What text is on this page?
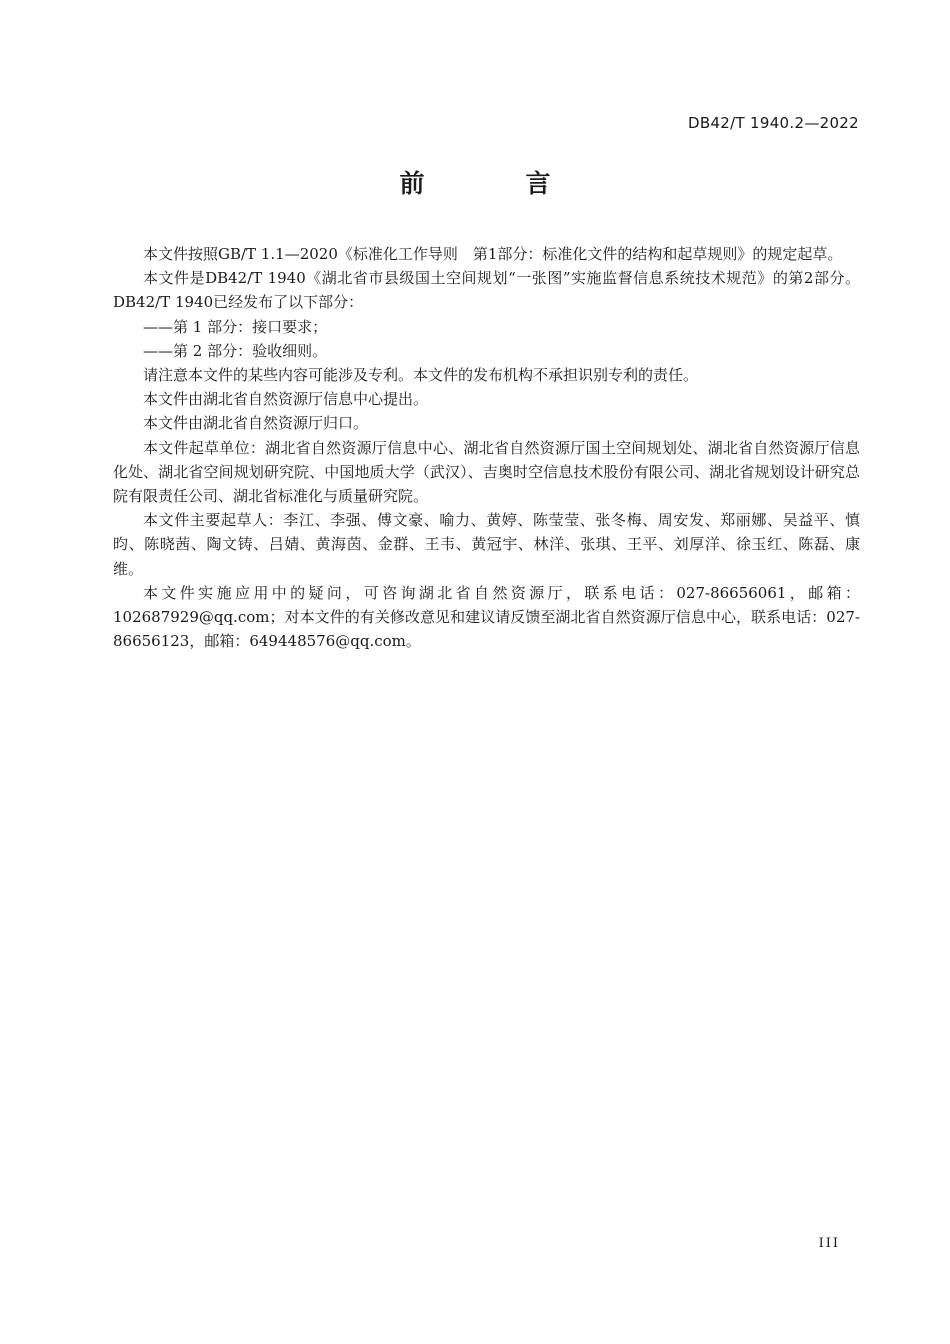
DB42/T 1940.2—2022
前　言

本文件按照GB/T 1.1—2020《标准化工作导则　第1部分：标准化文件的结构和起草规则》的规定起草。

本文件是DB42/T 1940《湖北省市县级国土空间规划“一张图”实施监督信息系统技术规范》的第2部分。DB42/T 1940已经发布了以下部分：

——第 1 部分：接口要求；

——第 2 部分：验收细则。

请注意本文件的某些内容可能涉及专利。本文件的发布机构不承担识别专利的责任。

本文件由湖北省自然资源厅信息中心提出。

本文件由湖北省自然资源厅归口。

本文件起草单位：湖北省自然资源厅信息中心、湖北省自然资源厅国土空间规划处、湖北省自然资源厅信息化处、湖北省空间规划研究院、中国地质大学（武汉）、吉奥时空信息技术股份有限公司、湖北省规划设计研究总院有限责任公司、湖北省标准化与质量研究院。

本文件主要起草人：李江、李强、傅文豪、喻力、黄婷、陈莹莹、张冬梅、周安发、郑丽娜、吴益平、慎昀、陈晓茜、陶文铸、吕婧、黄海茵、金群、王韦、黄冠宇、林洋、张琪、王平、刘厚洋、徐玉红、陈磊、康维。

本文件实施应用中的疑问，可咨询湖北省自然资源厅，联系电话：027-86656061，邮箱：102687929@qq.com；对本文件的有关修改意见和建议请反馈至湖北省自然资源厅信息中心，联系电话：027-86656123，邮箱：649448576@qq.com。

III
